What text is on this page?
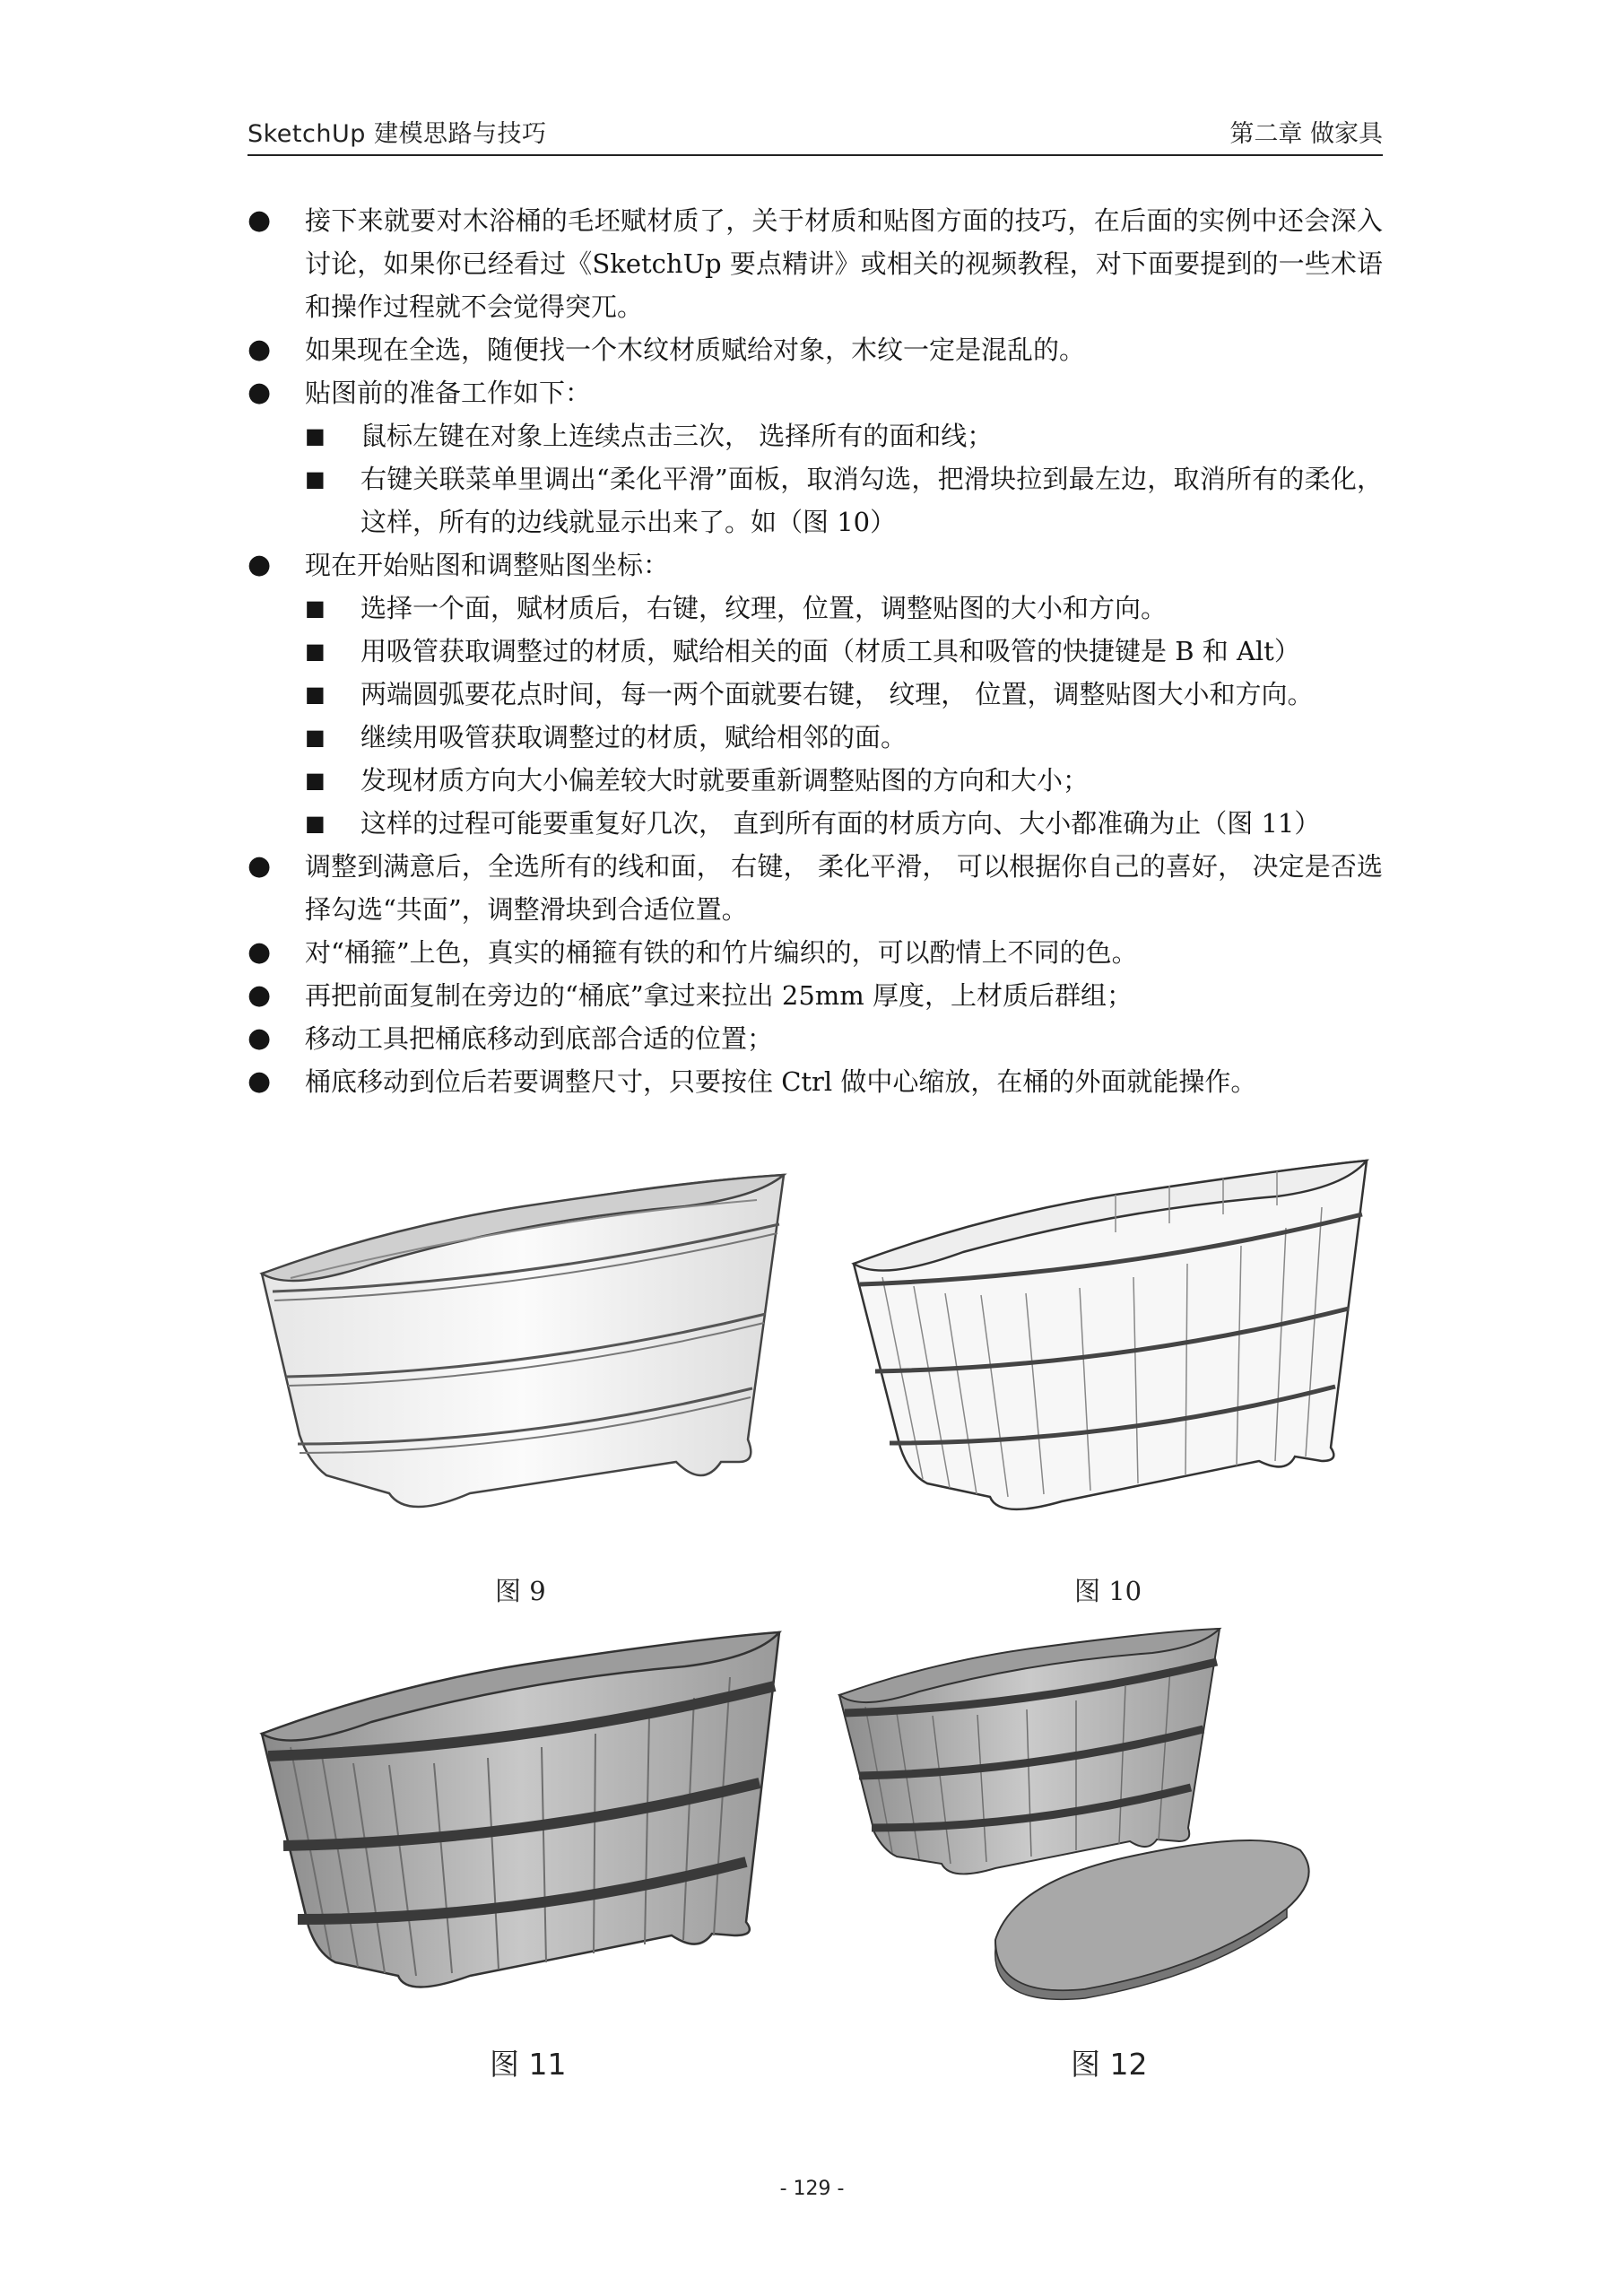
SketchUp 建模思路与技巧	第二章 做家具
● 接下来就要对木浴桶的毛坯赋材质了，关于材质和贴图方面的技巧，在后面的实例中还会深入讨论，如果你已经看过《SketchUp 要点精讲》或相关的视频教程，对下面要提到的一些术语和操作过程就不会觉得突兀。
● 如果现在全选，随便找一个木纹材质赋给对象，木纹一定是混乱的。
● 贴图前的准备工作如下：
■ 鼠标左键在对象上连续点击三次， 选择所有的面和线；
■ 右键关联菜单里调出“柔化平滑”面板，取消勾选，把滑块拉到最左边，取消所有的柔化，这样，所有的边线就显示出来了。如（图 10）
● 现在开始贴图和调整贴图坐标：
■ 选择一个面，赋材质后，右键，纹理，位置，调整贴图的大小和方向。
■ 用吸管获取调整过的材质，赋给相关的面（材质工具和吸管的快捷键是 B 和 Alt）
■ 两端圆弧要花点时间，每一两个面就要右键， 纹理， 位置，调整贴图大小和方向。
■ 继续用吸管获取调整过的材质，赋给相邻的面。
■ 发现材质方向大小偏差较大时就要重新调整贴图的方向和大小；
■ 这样的过程可能要重复好几次， 直到所有面的材质方向、大小都准确为止（图 11）
● 调整到满意后，全选所有的线和面， 右键， 柔化平滑， 可以根据你自己的喜好， 决定是否选择勾选“共面”，调整滑块到合适位置。
● 对“桶箍”上色，真实的桶箍有铁的和竹片编织的，可以酌情上不同的色。
● 再把前面复制在旁边的“桶底”拿过来拉出 25mm 厚度，上材质后群组；
● 移动工具把桶底移动到底部合适的位置；
● 桶底移动到位后若要调整尺寸，只要按住 Ctrl 做中心缩放，在桶的外面就能操作。
图 9	图 10
图 11	图 12
- 129 -
